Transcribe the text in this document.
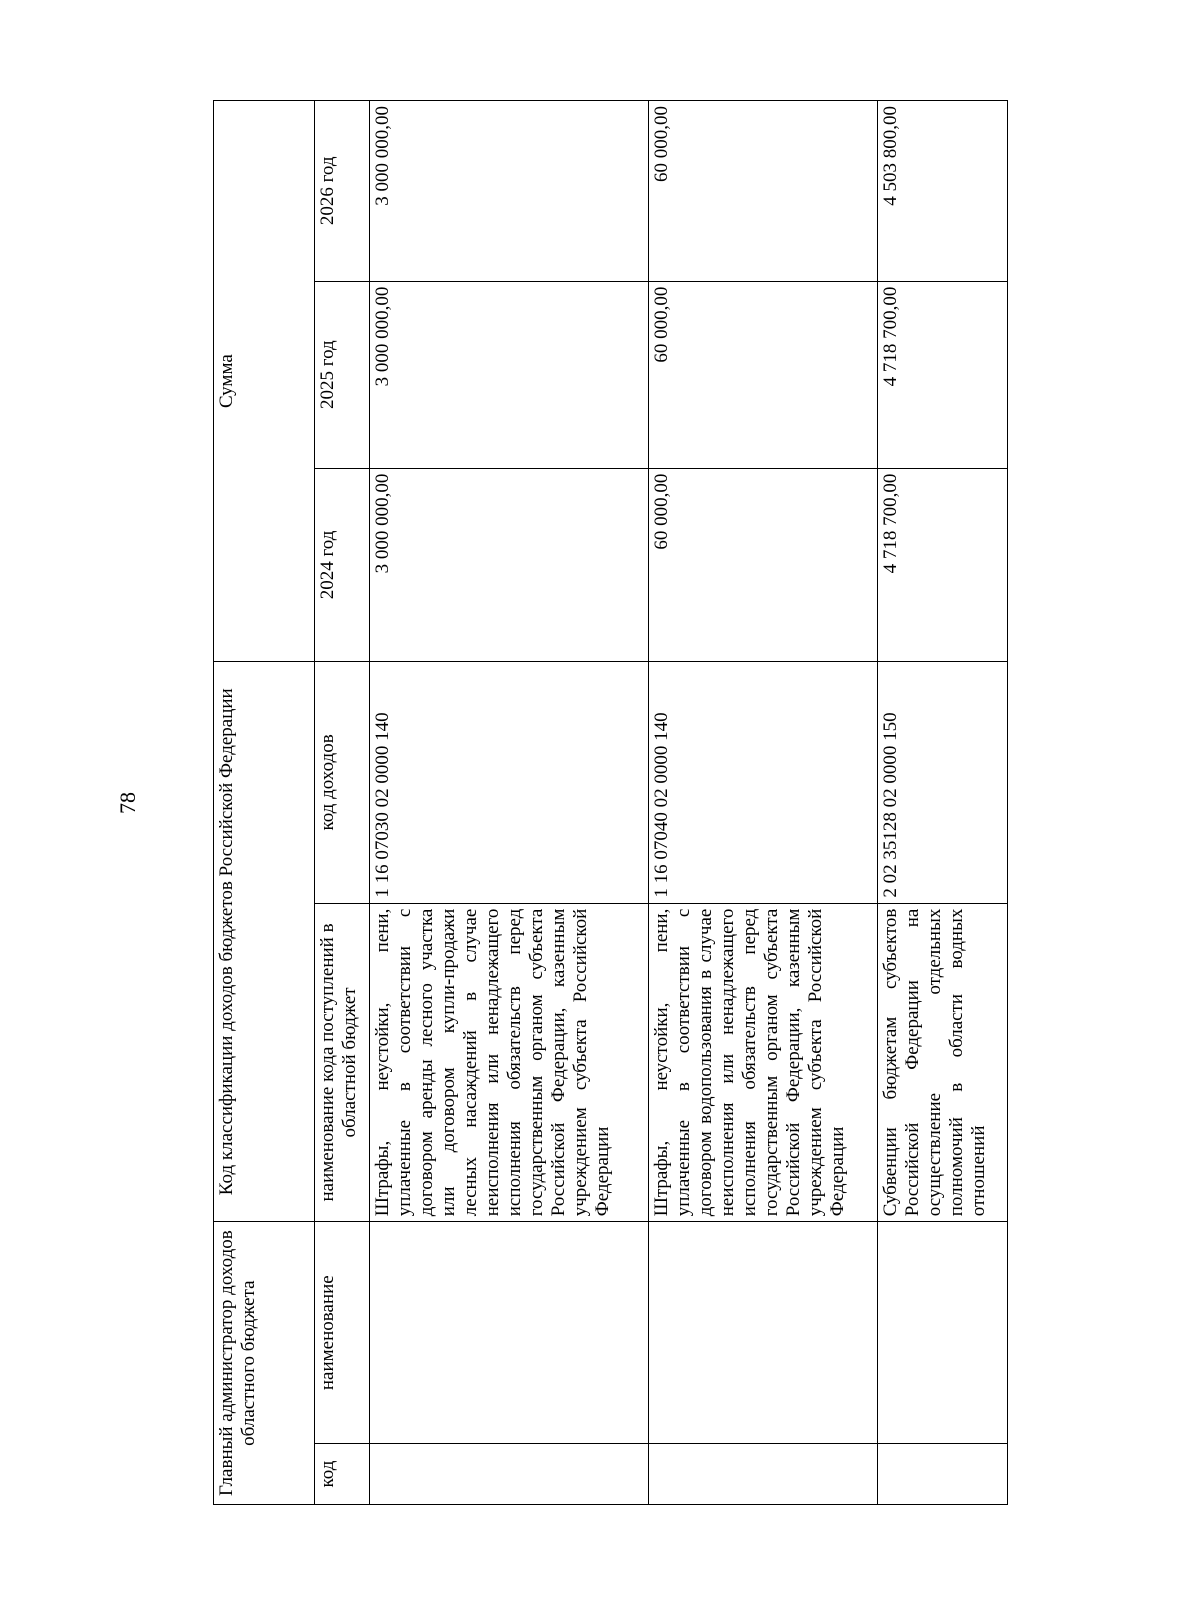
78
Главный администратор доходов областного бюджета		Код классификации доходов бюджетов Российской Федерации		Сумма		
код	наименование	наименование кода поступлений в областной бюджет	код доходов	2024 год	2025 год	2026 год
		Штрафы, неустойки, пени, уплаченные в соответствии с договором аренды лесного участка или договором купли-продажи лесных насаждений в случае неисполнения или ненадлежащего исполнения обязательств перед государственным органом субъекта Российской Федерации, казенным учреждением субъекта Российской Федерации	1 16 07030 02 0000 140	3 000 000,00	3 000 000,00	3 000 000,00
		Штрафы, неустойки, пени, уплаченные в соответствии с договором водопользования в случае неисполнения или ненадлежащего исполнения обязательств перед государственным органом субъекта Российской Федерации, казенным учреждением субъекта Российской Федерации	1 16 07040 02 0000 140	60 000,00	60 000,00	60 000,00
		Субвенции бюджетам субъектов Российской Федерации на осуществление отдельных полномочий в области водных отношений	2 02 35128 02 0000 150	4 718 700,00	4 718 700,00	4 503 800,00
